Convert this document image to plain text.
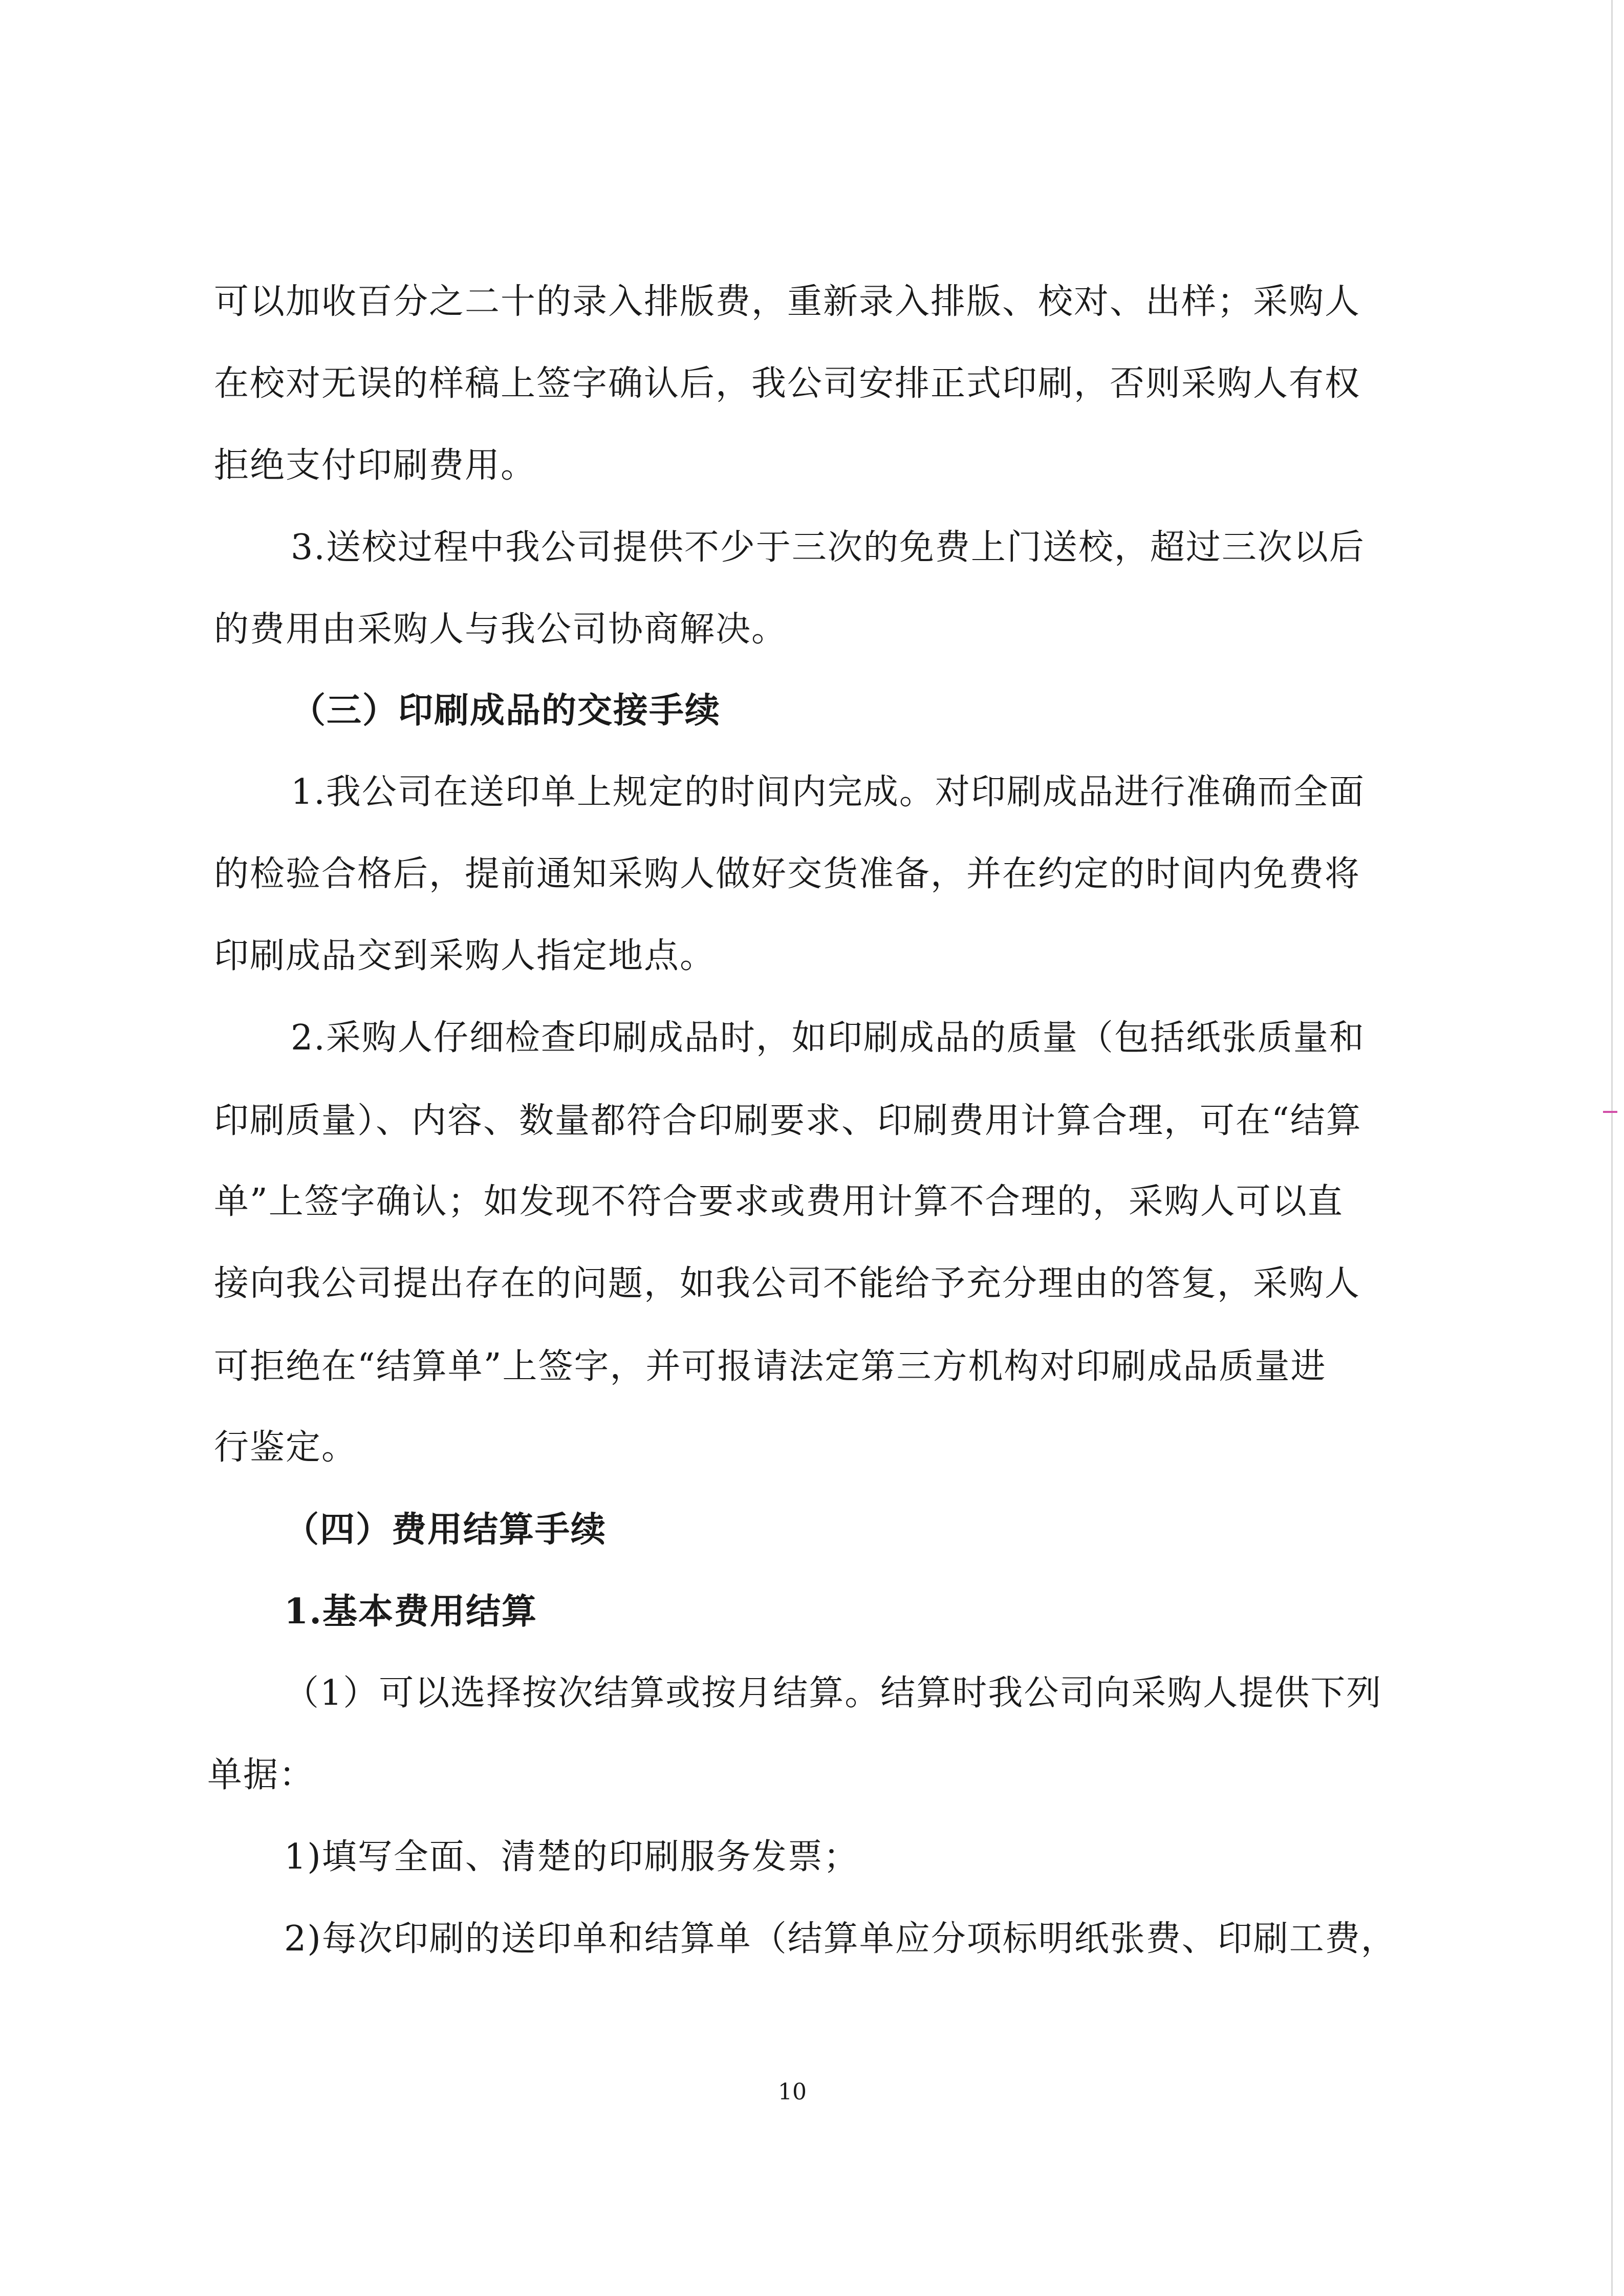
可以加收百分之二十的录入排版费，重新录入排版、校对、出样；采购人
在校对无误的样稿上签字确认后，我公司安排正式印刷，否则采购人有权
拒绝支付印刷费用。
3.送校过程中我公司提供不少于三次的免费上门送校，超过三次以后
的费用由采购人与我公司协商解决。
（三）印刷成品的交接手续
1.我公司在送印单上规定的时间内完成。对印刷成品进行准确而全面
的检验合格后，提前通知采购人做好交货准备，并在约定的时间内免费将
印刷成品交到采购人指定地点。
2.采购人仔细检查印刷成品时，如印刷成品的质量（包括纸张质量和
印刷质量）、内容、数量都符合印刷要求、印刷费用计算合理，可在“结算
单”上签字确认；如发现不符合要求或费用计算不合理的，采购人可以直
接向我公司提出存在的问题，如我公司不能给予充分理由的答复，采购人
可拒绝在“结算单”上签字，并可报请法定第三方机构对印刷成品质量进
行鉴定。
（四）费用结算手续
1.基本费用结算
（1）可以选择按次结算或按月结算。结算时我公司向采购人提供下列
单据：
1)填写全面、清楚的印刷服务发票；
2)每次印刷的送印单和结算单（结算单应分项标明纸张费、印刷工费，
10
